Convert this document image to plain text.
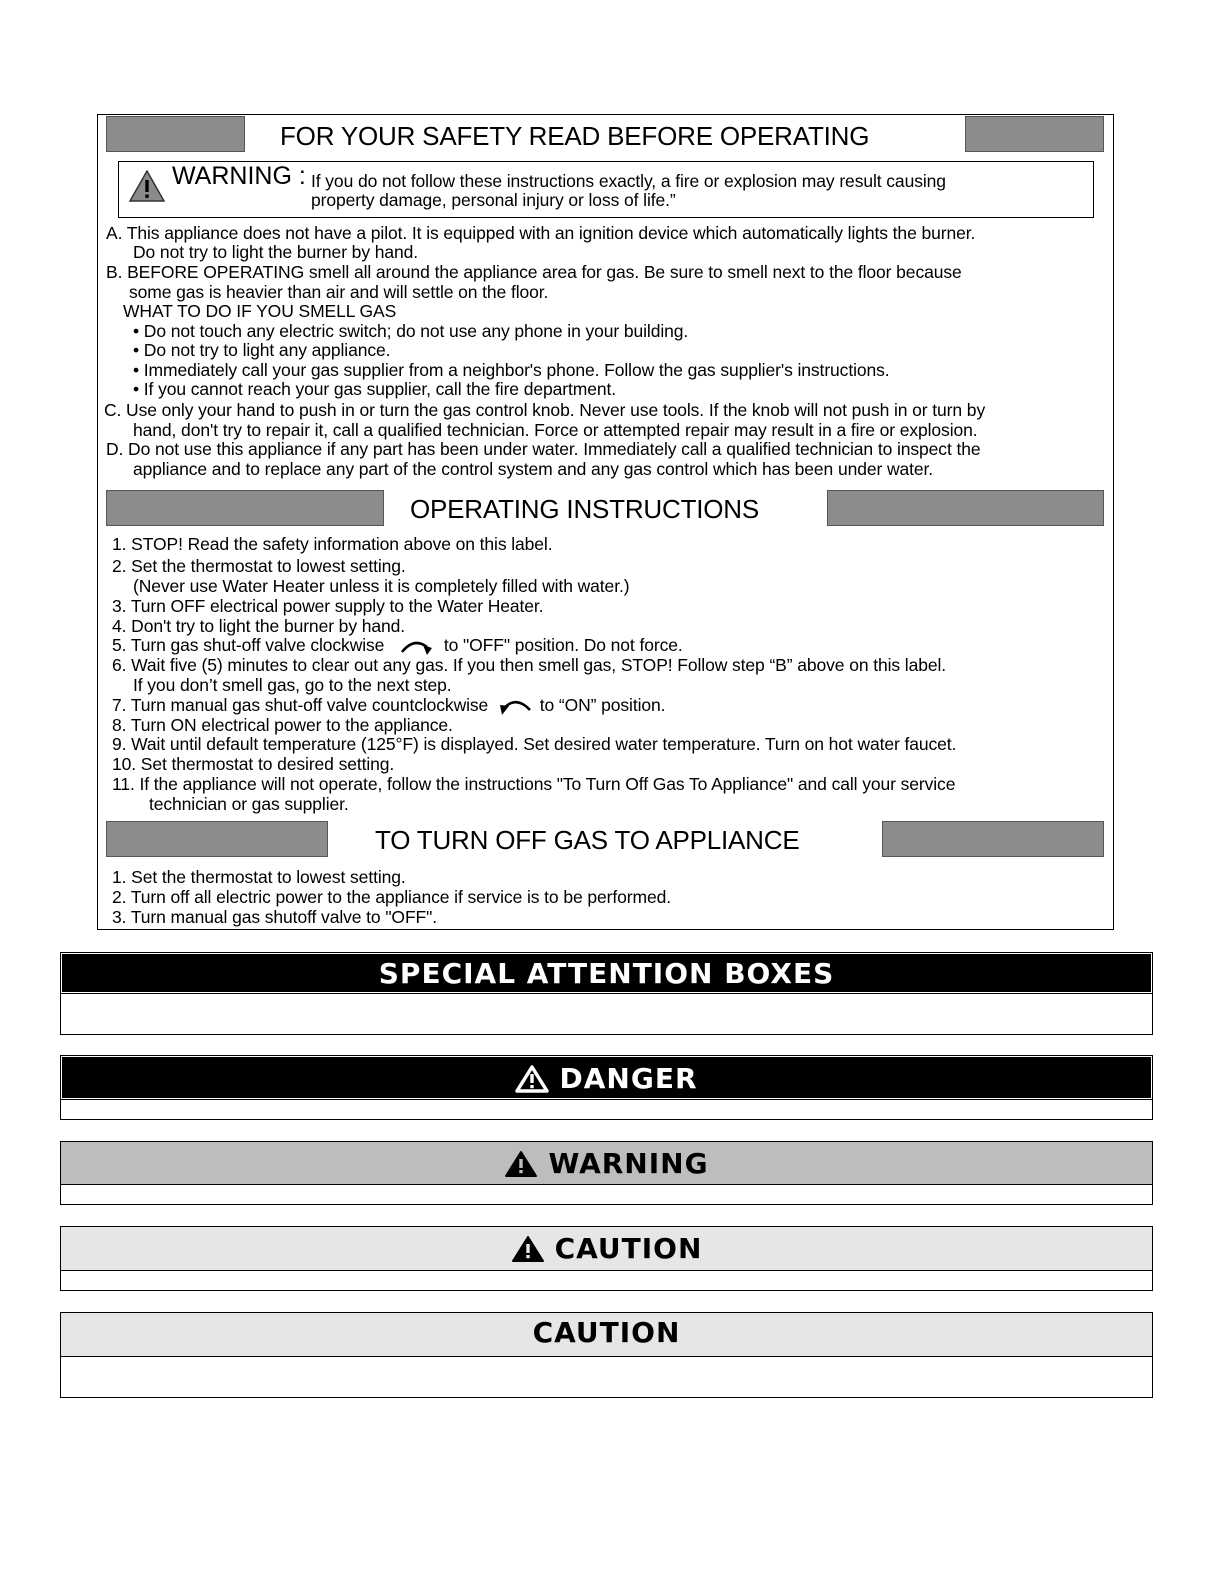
FOR YOUR SAFETY READ BEFORE OPERATING
WARNING : If you do not follow these instructions exactly, a fire or explosion may result causing
property damage, personal injury or loss of life.”
A. This appliance does not have a pilot. It is equipped with an ignition device which automatically lights the burner.
Do not try to light the burner by hand.
B. BEFORE OPERATING smell all around the appliance area for gas. Be sure to smell next to the floor because
some gas is heavier than air and will settle on the floor.
WHAT TO DO IF YOU SMELL GAS
• Do not touch any electric switch; do not use any phone in your building.
• Do not try to light any appliance.
• Immediately call your gas supplier from a neighbor's phone. Follow the gas supplier's instructions.
• If you cannot reach your gas supplier, call the fire department.
C. Use only your hand to push in or turn the gas control knob. Never use tools. If the knob will not push in or turn by
hand, don't try to repair it, call a qualified technician. Force or attempted repair may result in a fire or explosion.
D. Do not use this appliance if any part has been under water. Immediately call a qualified technician to inspect the
appliance and to replace any part of the control system and any gas control which has been under water.
OPERATING INSTRUCTIONS
1. STOP! Read the safety information above on this label.
2. Set the thermostat to lowest setting.
(Never use Water Heater unless it is completely filled with water.)
3. Turn OFF electrical power supply to the Water Heater.
4. Don't try to light the burner by hand.
5. Turn gas shut-off valve clockwise	to "OFF" position. Do not force.
6. Wait five (5) minutes to clear out any gas. If you then smell gas, STOP! Follow step “B” above on this label.
If you don’t smell gas, go to the next step.
7. Turn manual gas shut-off valve countclockwise	to “ON” position.
8. Turn ON electrical power to the appliance.
9. Wait until default temperature (125°F) is displayed. Set desired water temperature. Turn on hot water faucet.
10. Set thermostat to desired setting.
11. If the appliance will not operate, follow the instructions "To Turn Off Gas To Appliance" and call your service
technician or gas supplier.
TO TURN OFF GAS TO APPLIANCE
1. Set the thermostat to lowest setting.
2. Turn off all electric power to the appliance if service is to be performed.
3. Turn manual gas shutoff valve to "OFF".
SPECIAL ATTENTION BOXES
DANGER
WARNING
CAUTION
CAUTION
